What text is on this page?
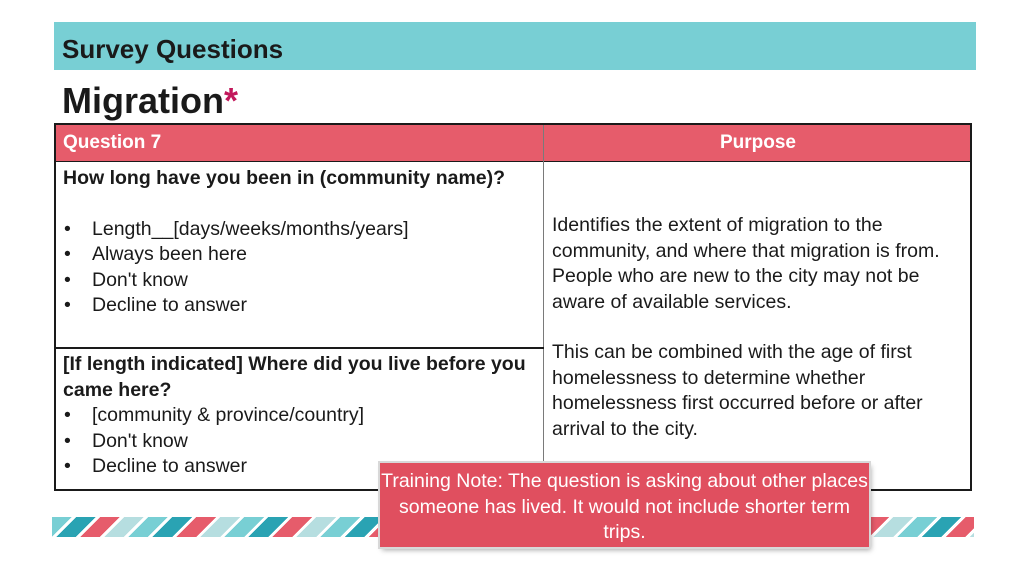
Survey Questions
Migration*
Question 7	Purpose
How long have you been in (community name)?
• Length__[days/weeks/months/years]
• Always been here
• Don't know
• Decline to answer
[If length indicated] Where did you live before you came here?
• [community & province/country]
• Don't know
• Decline to answer
Identifies the extent of migration to the community, and where that migration is from. People who are new to the city may not be aware of available services.
This can be combined with the age of first homelessness to determine whether homelessness first occurred before or after arrival to the city.
Training Note: The question is asking about other places someone has lived. It would not include shorter term trips.
